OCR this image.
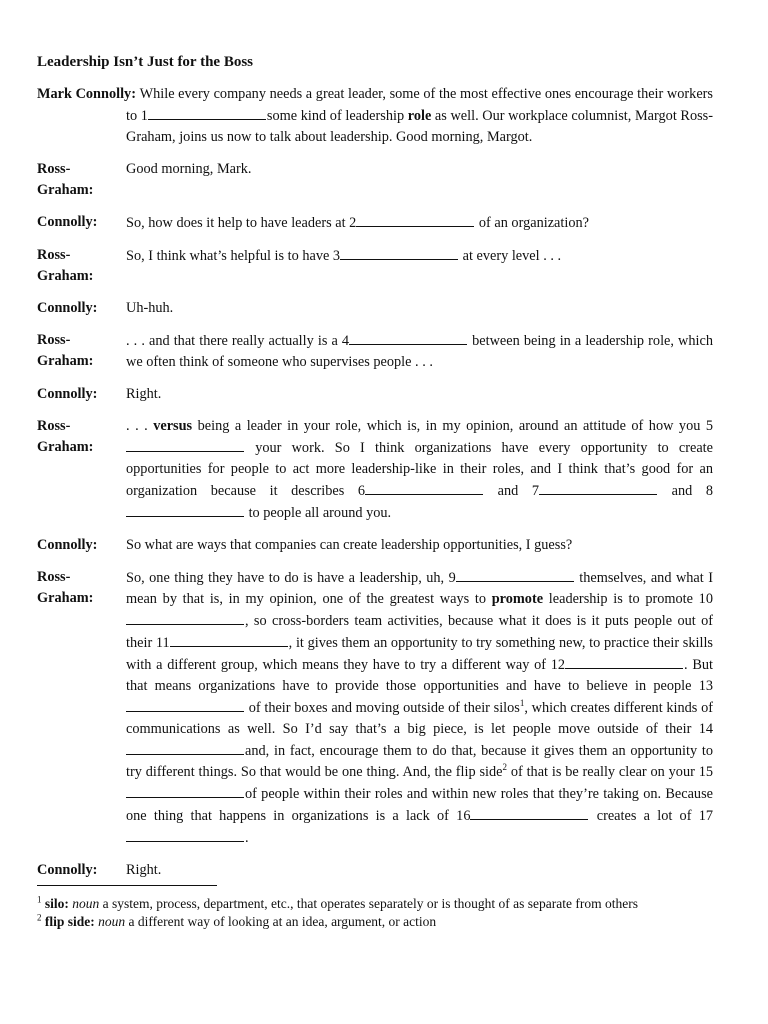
Leadership Isn’t Just for the Boss
Mark Connolly: While every company needs a great leader, some of the most effective ones encourage their workers to 1	some kind of leadership role as well. Our workplace columnist, Margot Ross-Graham, joins us now to talk about leadership. Good morning, Margot.
Ross-Graham:
Good morning, Mark.
Connolly:	So, how does it help to have leaders at 2	of an organization?
Ross-Graham:
So, I think what’s helpful is to have 3	at every level . . .
Connolly:	Uh-huh.
Ross-Graham:
. . . and that there really actually is a 4	between being in a leadership role, which we often think of someone who supervises people . . .
Connolly:	Right.
Ross-Graham:
. . . versus being a leader in your role, which is, in my opinion, around an attitude of how you 5 your work. So I think organizations have every opportunity to create opportunities for people to act more leadership-like in their roles, and I think that’s good for an organization because it describes 6	and 7	and 8 to people all around you.
Connolly:	So what are ways that companies can create leadership opportunities, I guess?
Ross-Graham:
So, one thing they have to do is have a leadership, uh, 9	themselves, and what I mean by that is, in my opinion, one of the greatest ways to promote leadership is to promote 10, so cross-borders team activities, because what it does is it puts people out of their 11	, it gives them an opportunity to try something new, to practice their skills with a different group, which means they have to try a different way of 12	. But that means organizations have to provide those opportunities and have to believe in people 13 of their boxes and moving outside of their silos$^1$, which creates different kinds of communications as well. So I’d say that’s a big piece, is let people move outside of their 14and, in fact, encourage them to do that, because it gives them an opportunity to try different things. So that would be one thing. And, the flip side$^2$ of that is be really clear on your 15of people within their roles and within new roles that they’re taking on. Because one thing that happens in organizations is a lack of 16	creates a lot of 17.
Connolly:	Right.
$^1$ silo: noun a system, process, department, etc., that operates separately or is thought of as separate from others
$^2$ flip side: noun a different way of looking at an idea, argument, or action
